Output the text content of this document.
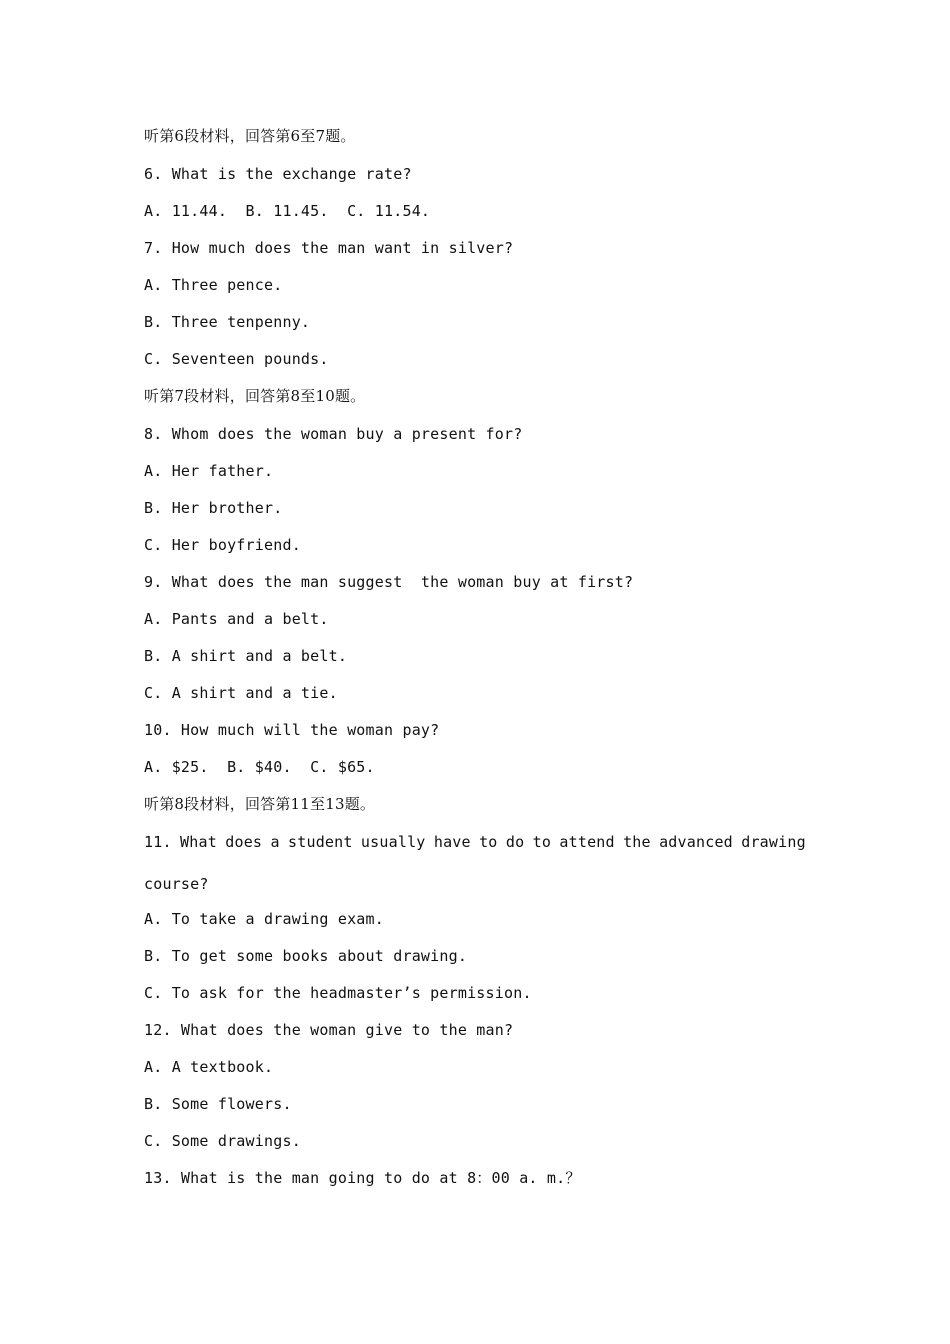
听第6段材料，回答第6至7题。
6. What is the exchange rate?
A. 11.44.  B. 11.45.  C. 11.54.
7. How much does the man want in silver?
A. Three pence.
B. Three tenpenny.
C. Seventeen pounds.
听第7段材料，回答第8至10题。
8. Whom does the woman buy a present for?
A. Her father.
B. Her brother.
C. Her boyfriend.
9. What does the man suggest  the woman buy at first?
A. Pants and a belt.
B. A shirt and a belt.
C. A shirt and a tie.
10. How much will the woman pay?
A. $25.  B. $40.  C. $65.
听第8段材料，回答第11至13题。
11. What does a student usually have to do to attend the advanced drawing
course?
A. To take a drawing exam.
B. To get some books about drawing.
C. To ask for the headmaster’s permission.
12. What does the woman give to the man?
A. A textbook.
B. Some flowers.
C. Some drawings.
13. What is the man going to do at 8：00 a. m.？
